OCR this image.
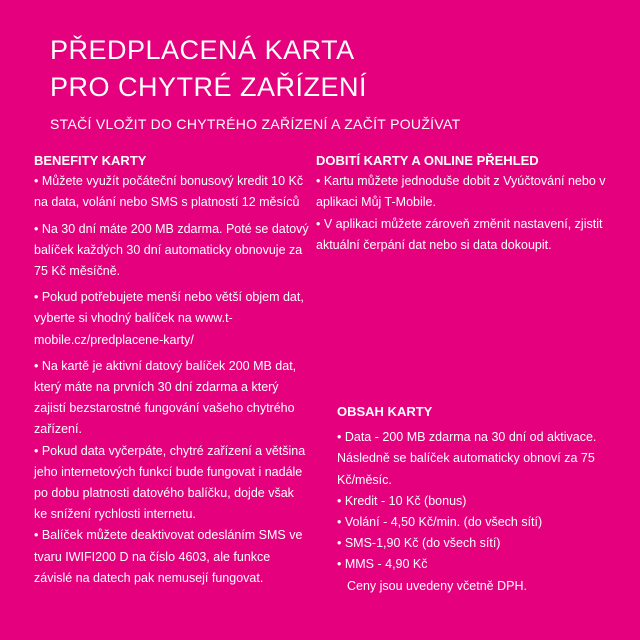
PŘEDPLACENÁ KARTA
PRO CHYTRÉ ZAŘÍZENÍ
STAČÍ VLOŽIT DO CHYTRÉHO ZAŘÍZENÍ A ZAČÍT POUŽÍVAT
BENEFITY KARTY

• Můžete využít počáteční bonusový kredit 10 Kč na data, volání nebo SMS s platností 12 měsíců

• Na 30 dní máte 200 MB zdarma. Poté se datový balíček každých 30 dní automaticky obnovuje za 75 Kč měsíčně.

• Pokud potřebujete menší nebo větší objem dat, vyberte si vhodný balíček na www.t-mobile.cz/predplacene-karty/

• Na kartě je aktivní datový balíček 200 MB dat, který máte na prvních 30 dní zdarma a který zajistí bezstarostné fungování vašeho chytrého zařízení.

• Pokud data vyčerpáte, chytré zařízení a většina jeho internetových funkcí bude fungovat i nadále po dobu platnosti datového balíčku, dojde však ke snížení rychlosti internetu.

• Balíček můžete deaktivovat odesláním SMS ve tvaru IWIFI200 D na číslo 4603, ale funkce závislé na datech pak nemusejí fungovat.

DOBITÍ KARTY A ONLINE PŘEHLED

• Kartu můžete jednoduše dobit z Vyúčtování nebo v aplikaci Můj T-Mobile.

• V aplikaci můžete zároveň změnit nastavení, zjistit aktuální čerpání dat nebo si data dokoupit.

OBSAH KARTY

• Data - 200 MB zdarma na 30 dní od aktivace. Následně se balíček automaticky obnoví za 75 Kč/měsíc.

• Kredit - 10 Kč (bonus)

• Volání - 4,50 Kč/min. (do všech sítí)

• SMS-1,90 Kč (do všech sítí)

• MMS - 4,90 Kč

Ceny jsou uvedeny včetně DPH.
